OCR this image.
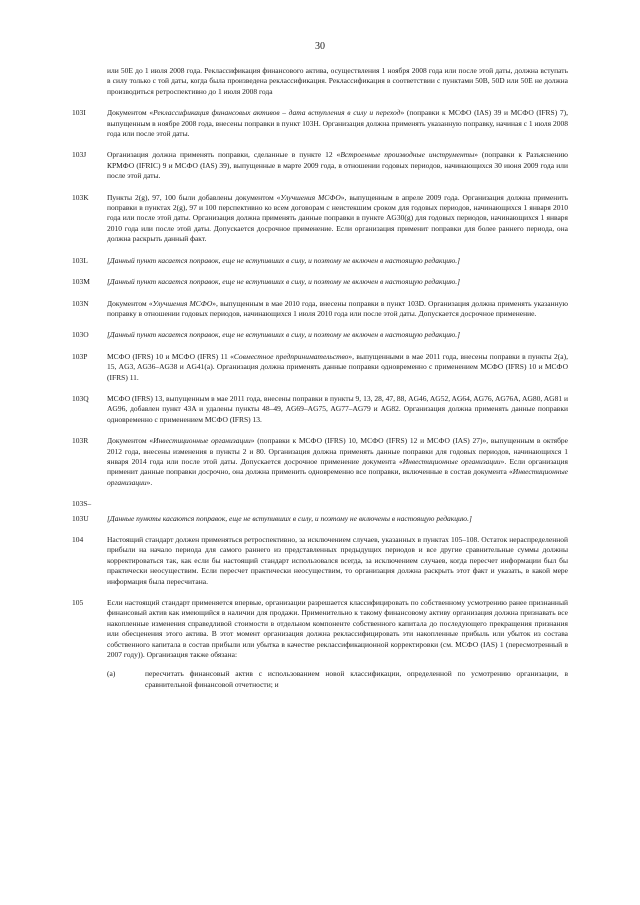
30
или 50E до 1 июля 2008 года. Реклассификация финансового актива, осуществления 1 ноября 2008 года или после этой даты, должна вступать в силу только с той даты, когда была произведена реклассификация. Реклассификация в соответствии с пунктами 50B, 50D или 50E не должна производиться ретроспективно до 1 июля 2008 года
103I	Документом «Реклассификация финансовых активов – дата вступления в силу и переход» (поправки к МСФО (IAS) 39 и МСФО (IFRS) 7), выпущенным в ноябре 2008 года, внесены поправки в пункт 103H. Организация должна применять указанную поправку, начиная с 1 июля 2008 года или после этой даты.
103J	Организация должна применять поправки, сделанные в пункте 12 «Встроенные производные инструменты» (поправки к Разъяснению КРМФО (IFRIC) 9 и МСФО (IAS) 39), выпущенные в марте 2009 года, в отношении годовых периодов, начинающихся 30 июня 2009 года или после этой даты.
103K	Пункты 2(g), 97, 100 были добавлены документом «Улучшения МСФО», выпущенным в апреле 2009 года. Организация должна применить поправки в пунктах 2(g), 97 и 100 перспективно ко всем договорам с неистекшим сроком для годовых периодов, начинающихся 1 января 2010 года или после этой даты. Организация должна применять данные поправки в пункте AG30(g) для годовых периодов, начинающихся 1 января 2010 года или после этой даты. Допускается досрочное применение. Если организация применит поправки для более раннего периода, она должна раскрыть данный факт.
103L	[Данный пункт касается поправок, еще не вступивших в силу, и поэтому не включен в настоящую редакцию.]
103M	[Данный пункт касается поправок, еще не вступивших в силу, и поэтому не включен в настоящую редакцию.]
103N	Документом «Улучшения МСФО», выпущенным в мае 2010 года, внесены поправки в пункт 103D. Организация должна применять указанную поправку в отношении годовых периодов, начинающихся 1 июля 2010 года или после этой даты. Допускается досрочное применение.
103O	[Данный пункт касается поправок, еще не вступивших в силу, и поэтому не включен в настоящую редакцию.]
103P	МСФО (IFRS) 10 и МСФО (IFRS) 11 «Совместное предпринимательство», выпущенными в мае 2011 года, внесены поправки в пункты 2(a), 15, AG3, AG36–AG38 и AG41(a). Организация должна применять данные поправки одновременно с применением МСФО (IFRS) 10 и МСФО (IFRS) 11.
103Q	МСФО (IFRS) 13, выпущенным в мае 2011 года, внесены поправки в пункты 9, 13, 28, 47, 88, AG46, AG52, AG64, AG76, AG76A, AG80, AG81 и AG96, добавлен пункт 43A и удалены пункты 48–49, AG69–AG75, AG77–AG79 и AG82. Организация должна применять данные поправки одновременно с применением МСФО (IFRS) 13.
103R	Документом «Инвестиционные организации» (поправки к МСФО (IFRS) 10, МСФО (IFRS) 12 и МСФО (IAS) 27)», выпущенным в октябре 2012 года, внесены изменения в пункты 2 и 80. Организация должна применять данные поправки для годовых периодов, начинающихся 1 января 2014 года или после этой даты. Допускается досрочное применение документа «Инвестиционные организации». Если организация применит данные поправки досрочно, она должна применить одновременно все поправки, включенные в состав документа «Инвестиционные организации».
103S–
103U	[Данные пункты касаются поправок, еще не вступивших в силу, и поэтому не включены в настоящую редакцию.]
104	Настоящий стандарт должен применяться ретроспективно, за исключением случаев, указанных в пунктах 105–108. Остаток нераспределенной прибыли на начало периода для самого раннего из представленных предыдущих периодов и все другие сравнительные суммы должны корректироваться так, как если бы настоящий стандарт использовался всегда, за исключением случаев, когда пересчет информации был бы практически неосуществим. Если пересчет практически неосуществим, то организация должна раскрыть этот факт и указать, в какой мере информация была пересчитана.
105	Если настоящий стандарт применяется впервые, организации разрешается классифицировать по собственному усмотрению ранее признанный финансовый актив как имеющийся в наличии для продажи. Применительно к такому финансовому активу организация должна признавать все накопленные изменения справедливой стоимости в отдельном компоненте собственного капитала до последующего прекращения признания или обесценения этого актива. В этот момент организация должна реклассифицировать эти накопленные прибыль или убыток из состава собственного капитала в состав прибыли или убытка в качестве реклассификационной корректировки (см. МСФО (IAS) 1 (пересмотренный в 2007 году)). Организация также обязана:
(a)	пересчитать финансовый актив с использованием новой классификации, определенной по усмотрению организации, в сравнительной финансовой отчетности; и
